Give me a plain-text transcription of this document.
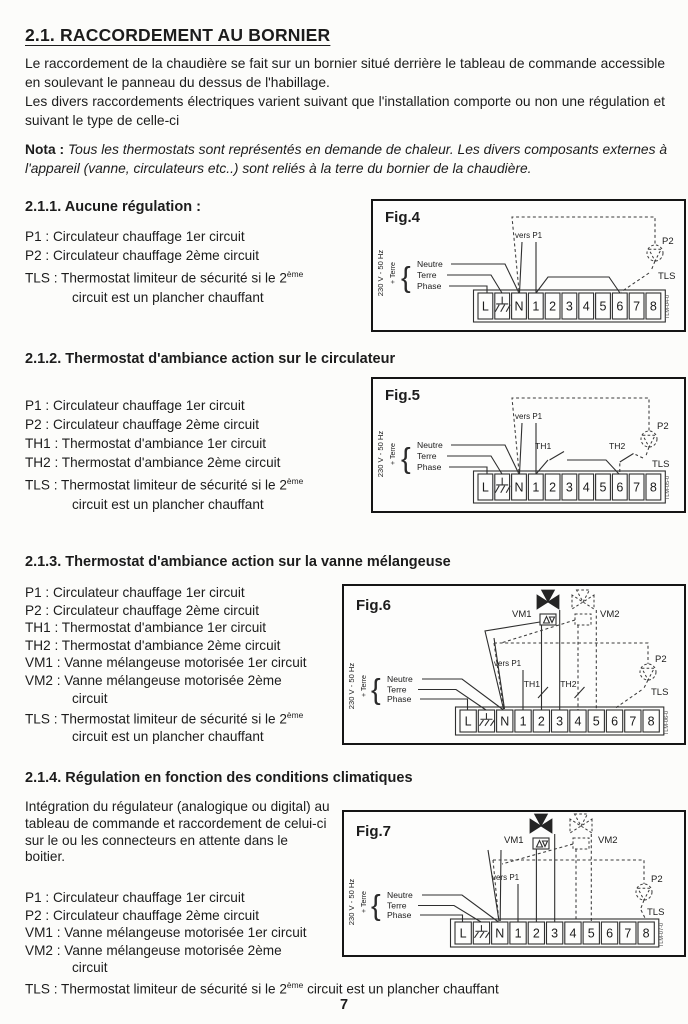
2.1. RACCORDEMENT AU BORNIER

Le raccordement de la chaudière se fait sur un bornier situé derrière le tableau de commande accessible en soulevant le panneau du dessus de l'habillage.

Les divers raccordements électriques varient suivant que l'installation comporte ou non une régulation et suivant le type de celle-ci

Nota : Tous les thermostats sont représentés en demande de chaleur. Les divers composants externes à l'appareil (vanne, circulateurs etc..) sont reliés à la terre du bornier de la chaudière.
2.1.1. Aucune régulation :
P1 : Circulateur chauffage 1er circuit
P2 : Circulateur chauffage 2ème circuit
TLS : Thermostat limiteur de sécurité si le 2ème
circuit est un plancher chauffant
2.1.2. Thermostat d'ambiance action sur le circulateur
P1 : Circulateur chauffage 1er circuit
P2 : Circulateur chauffage 2ème circuit
TH1 : Thermostat d'ambiance 1er circuit
TH2 : Thermostat d'ambiance 2ème circuit
TLS : Thermostat limiteur de sécurité si le 2ème
circuit est un plancher chauffant
2.1.3. Thermostat d'ambiance action sur la vanne mélangeuse
P1 : Circulateur chauffage 1er circuit
P2 : Circulateur chauffage 2ème circuit
TH1 : Thermostat d'ambiance 1er circuit
TH2 : Thermostat d'ambiance 2ème circuit
VM1 : Vanne mélangeuse motorisée 1er circuit
VM2 : Vanne mélangeuse motorisée 2ème
circuit
TLS : Thermostat limiteur de sécurité si le 2ème
circuit est un plancher chauffant
2.1.4. Régulation en fonction des conditions climatiques
Intégration du régulateur (analogique ou digital) au tableau de commande et raccordement de celui-ci sur le ou les connecteurs en attente dans le boitier.
P1 : Circulateur chauffage 1er circuit
P2 : Circulateur chauffage 2ème circuit
VM1 : Vanne mélangeuse motorisée 1er circuit
VM2 : Vanne mélangeuse motorisée 2ème
circuit
TLS : Thermostat limiteur de sécurité si le 2ème circuit est un plancher chauffant
7
Fig.4
230 V - 50 Hz + Terre { Neutre
Terre
Phase
vers P1
P2
TLS
L N 1 2 3 4 5 6 7 8 TLM-04-0
Fig.5
230 V - 50 Hz + Terre { Neutre
Terre
Phase
vers P1
TH1	TH2
P2
TLS
L N 1 2 3 4 5 6 7 8 TLM-05-0
Fig.6
230 V - 50 Hz + Terre { Neutre
Terre
Phase
vers P1
VM1	VM2
TH1 TH2
P2
TLS
L N 1 2 3 4 5 6 7 8 TLM-06-0
Fig.7
230 V - 50 Hz + Terre { Neutre
Terre
Phase
vers P1
VM1	VM2
P2
TLS
L N 1 2 3 4 5 6 7 8 TLM-07-0
